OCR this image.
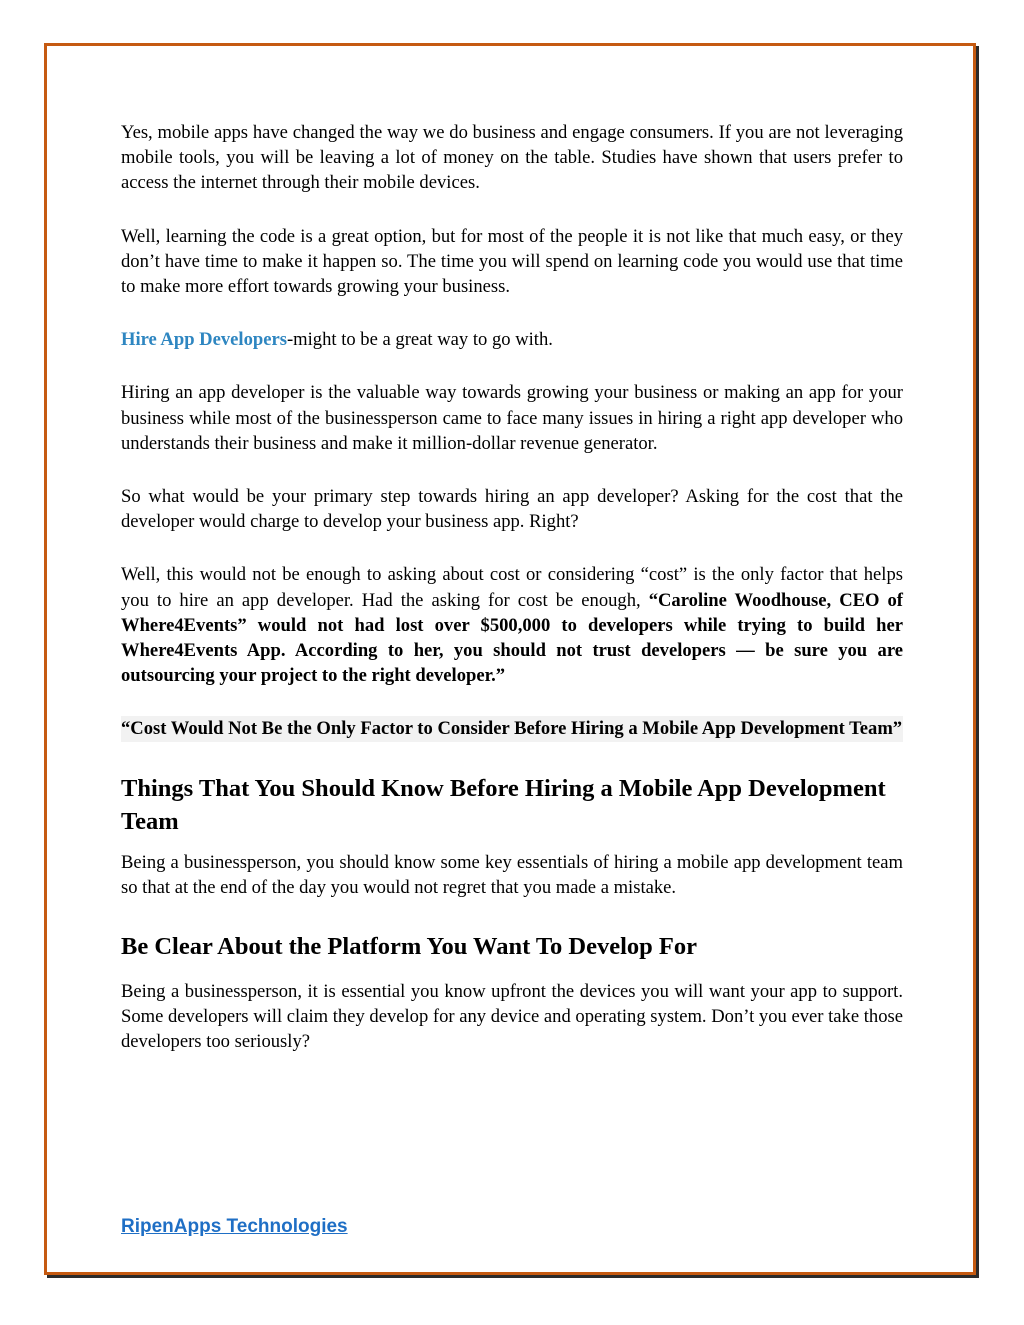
Yes, mobile apps have changed the way we do business and engage consumers. If you are not leveraging mobile tools, you will be leaving a lot of money on the table. Studies have shown that users prefer to access the internet through their mobile devices.

Well, learning the code is a great option, but for most of the people it is not like that much easy, or they don’t have time to make it happen so. The time you will spend on learning code you would use that time to make more effort towards growing your business.

Hire App Developers-might to be a great way to go with.

Hiring an app developer is the valuable way towards growing your business or making an app for your business while most of the businessperson came to face many issues in hiring a right app developer who understands their business and make it million-dollar revenue generator.

So what would be your primary step towards hiring an app developer? Asking for the cost that the developer would charge to develop your business app. Right?

Well, this would not be enough to asking about cost or considering “cost” is the only factor that helps you to hire an app developer. Had the asking for cost be enough, “Caroline Woodhouse, CEO of Where4Events” would not had lost over $500,000 to developers while trying to build her Where4Events App. According to her, you should not trust developers — be sure you are outsourcing your project to the right developer.”

“Cost Would Not Be the Only Factor to Consider Before Hiring a Mobile App Development Team”

Things That You Should Know Before Hiring a Mobile App Development Team

Being a businessperson, you should know some key essentials of hiring a mobile app development team so that at the end of the day you would not regret that you made a mistake.

Be Clear About the Platform You Want To Develop For

Being a businessperson, it is essential you know upfront the devices you will want your app to support. Some developers will claim they develop for any device and operating system. Don’t you ever take those developers too seriously?

RipenApps Technologies
